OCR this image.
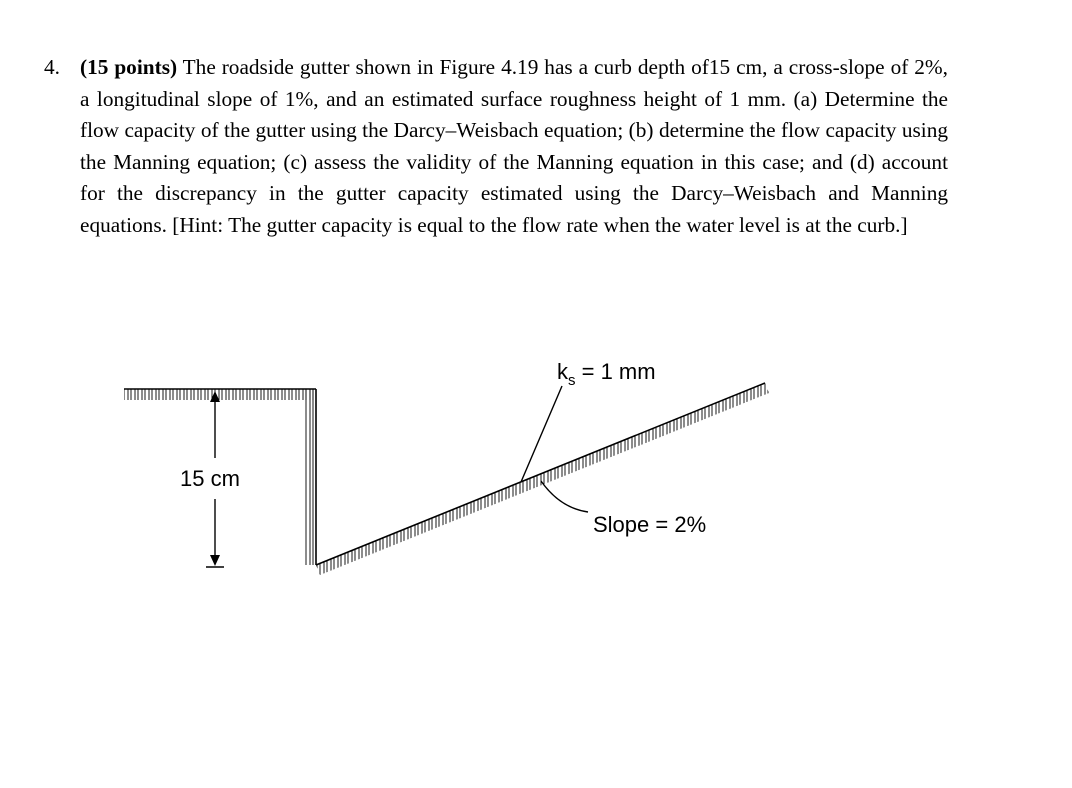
4. (15 points) The roadside gutter shown in Figure 4.19 has a curb depth of15 cm, a cross-slope of 2%, a longitudinal slope of 1%, and an estimated surface roughness height of 1 mm. (a) Determine the flow capacity of the gutter using the Darcy–Weisbach equation; (b) determine the flow capacity using the Manning equation; (c) assess the validity of the Manning equation in this case; and (d) account for the discrepancy in the gutter capacity estimated using the Darcy–Weisbach and Manning equations. [Hint: The gutter capacity is equal to the flow rate when the water level is at the curb.]
15 cm
$k_s = 1$ mm
Slope = 2%
